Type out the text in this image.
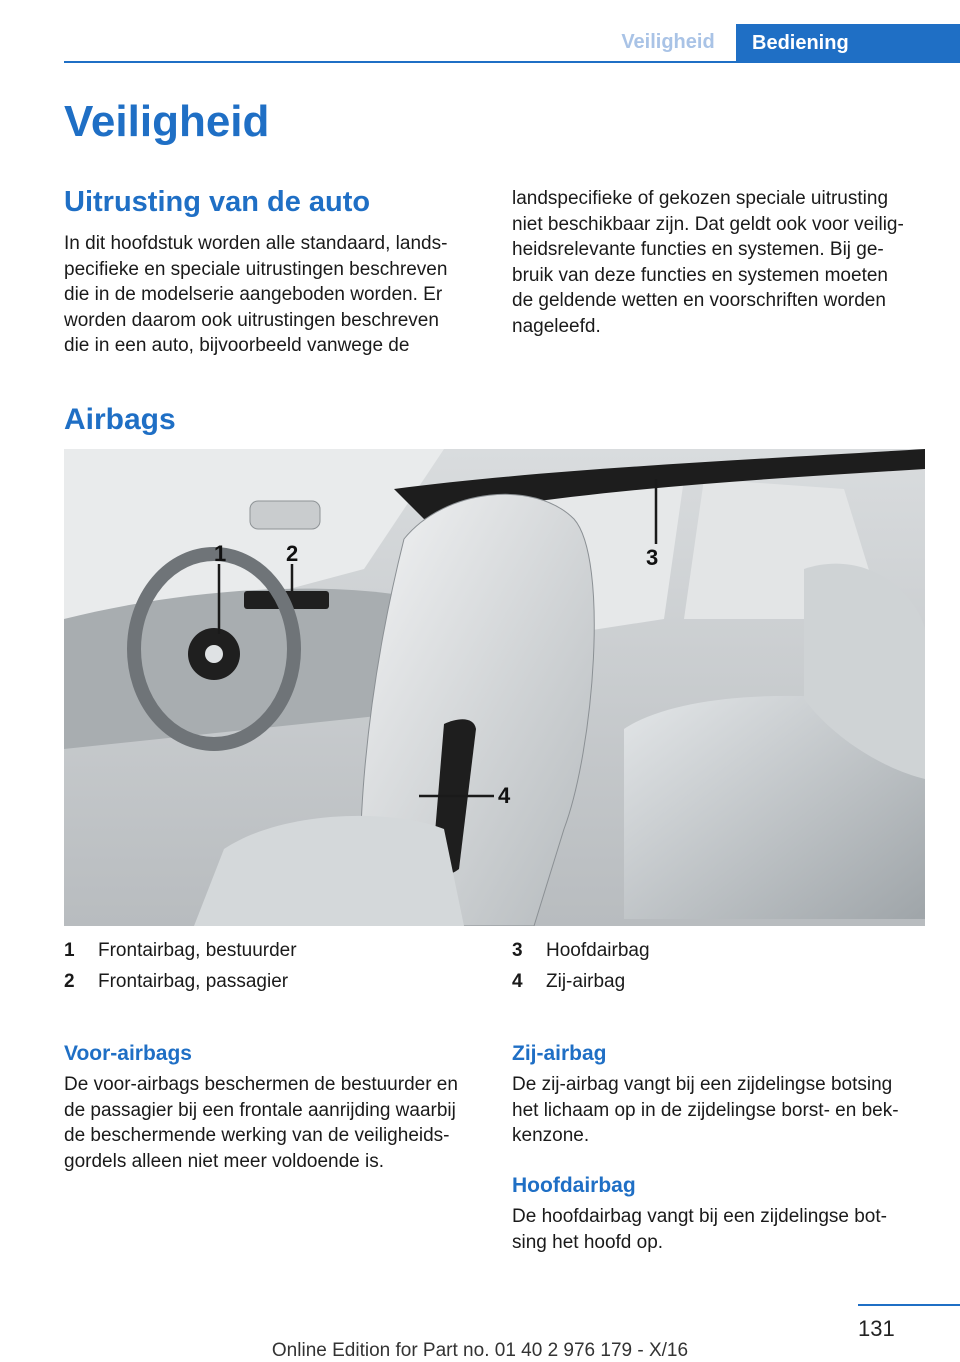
Veiligheid	Bediening
Veiligheid
Uitrusting van de auto

In dit hoofdstuk worden alle standaard, lands‐

pecifieke en speciale uitrustingen beschreven

die in de modelserie aangeboden worden. Er

worden daarom ook uitrustingen beschreven

die in een auto, bijvoorbeeld vanwege de

landspecifieke of gekozen speciale uitrusting

niet beschikbaar zijn. Dat geldt ook voor veilig‐

heidsrelevante functies en systemen. Bij ge‐

bruik van deze functies en systemen moeten

de geldende wetten en voorschriften worden

nageleefd.

Airbags
1	2	3
4
1 Frontairbag, bestuurder
2 Frontairbag, passagier
3 Hoofdairbag
4 Zij-airbag
Voor-airbags

De voor-airbags beschermen de bestuurder en

de passagier bij een frontale aanrijding waarbij

de beschermende werking van de veiligheids‐

gordels alleen niet meer voldoende is.

Zij-airbag

De zij-airbag vangt bij een zijdelingse botsing

het lichaam op in de zijdelingse borst- en bek‐

kenzone.

Hoofdairbag

De hoofdairbag vangt bij een zijdelingse bot‐

sing het hoofd op.

131
Online Edition for Part no. 01 40 2 976 179 - X/16
